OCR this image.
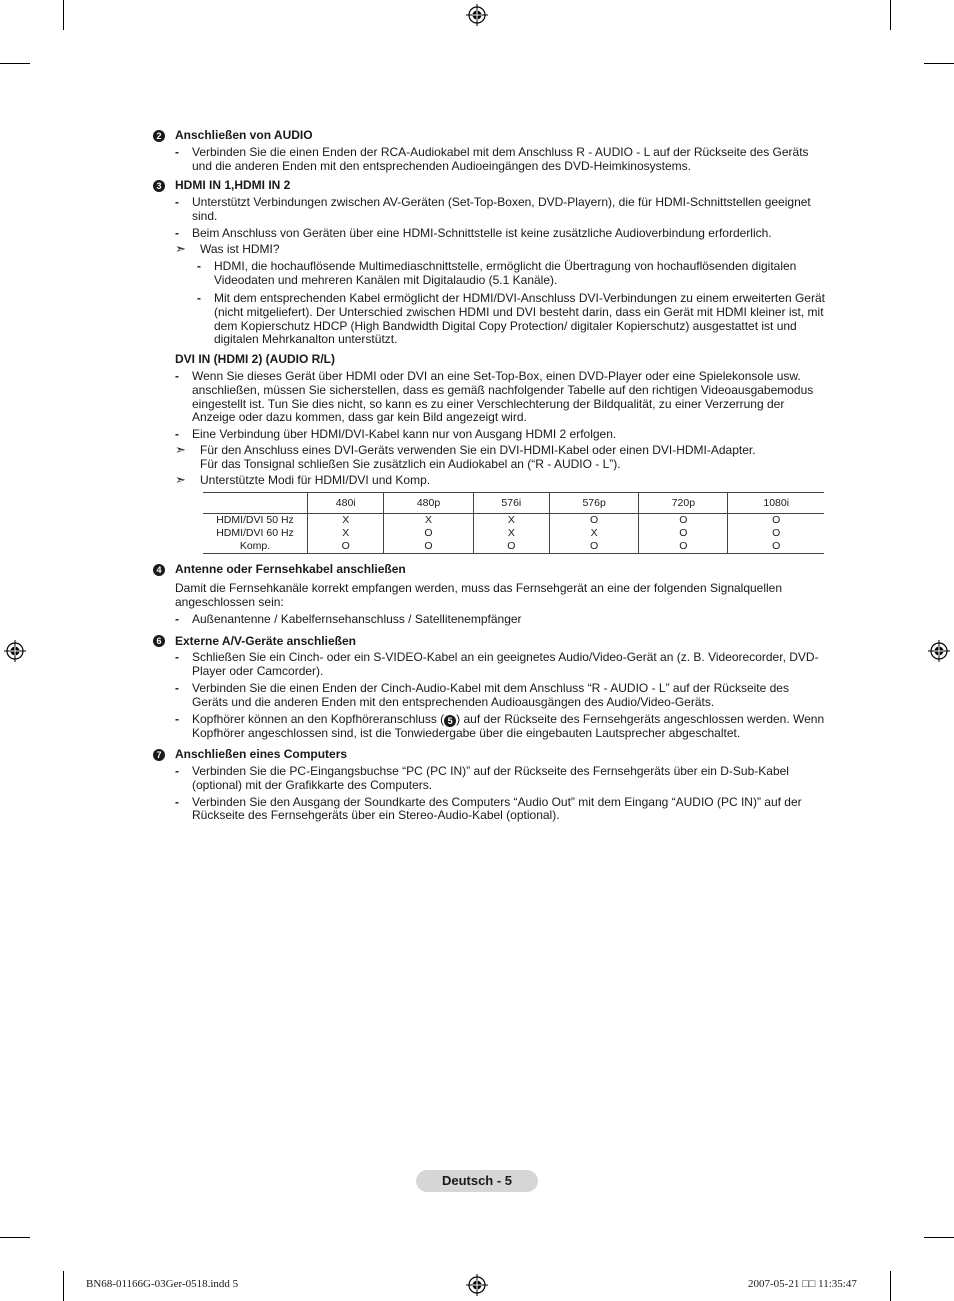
2 Anschließen von AUDIO
-	Verbinden Sie die einen Enden der RCA-Audiokabel mit dem Anschluss R - AUDIO - L auf der Rückseite des Geräts und die anderen Enden mit den entsprechenden Audioeingängen des DVD-Heimkinosystems.
3 HDMI IN 1,HDMI IN 2
-	Unterstützt Verbindungen zwischen AV-Geräten (Set-Top-Boxen, DVD-Playern), die für HDMI-Schnittstellen geeignet sind.
-	Beim Anschluss von Geräten über eine HDMI-Schnittstelle ist keine zusätzliche Audioverbindung erforderlich.
➣	Was ist HDMI?
-	HDMI, die hochauflösende Multimediaschnittstelle, ermöglicht die Übertragung von hochauflösenden digitalen Videodaten und mehreren Kanälen mit Digitalaudio (5.1 Kanäle).
-	Mit dem entsprechenden Kabel ermöglicht der HDMI/DVI-Anschluss DVI-Verbindungen zu einem erweiterten Gerät (nicht mitgeliefert). Der Unterschied zwischen HDMI und DVI besteht darin, dass ein Gerät mit HDMI kleiner ist, mit dem Kopierschutz HDCP (High Bandwidth Digital Copy Protection/ digitaler Kopierschutz) ausgestattet ist und digitalen Mehrkanalton unterstützt.
DVI IN (HDMI 2) (AUDIO R/L)
-	Wenn Sie dieses Gerät über HDMI oder DVI an eine Set-Top-Box, einen DVD-Player oder eine Spielekonsole usw. anschließen, müssen Sie sicherstellen, dass es gemäß nachfolgender Tabelle auf den richtigen Videoausgabemodus eingestellt ist. Tun Sie dies nicht, so kann es zu einer Verschlechterung der Bildqualität, zu einer Verzerrung der Anzeige oder dazu kommen, dass gar kein Bild angezeigt wird.
-	Eine Verbindung über HDMI/DVI-Kabel kann nur von Ausgang HDMI 2 erfolgen.
➣	Für den Anschluss eines DVI-Geräts verwenden Sie ein DVI-HDMI-Kabel oder einen DVI-HDMI-Adapter.
Für das Tonsignal schließen Sie zusätzlich ein Audiokabel an (“R - AUDIO - L”).
➣	Unterstützte Modi für HDMI/DVI und Komp.
	480i	480p	576i	576p	720p	1080i
HDMI/DVI 50 Hz	X	X	X	O	O	O
HDMI/DVI 60 Hz	X	O	X	X	O	O
Komp.	O	O	O	O	O	O
4 Antenne oder Fernsehkabel anschließen
Damit die Fernsehkanäle korrekt empfangen werden, muss das Fernsehgerät an eine der folgenden Signalquellen angeschlossen sein:
-	Außenantenne / Kabelfernsehanschluss / Satellitenempfänger
6 Externe A/V-Geräte anschließen
-	Schließen Sie ein Cinch- oder ein S-VIDEO-Kabel an ein geeignetes Audio/Video-Gerät an (z. B. Videorecorder, DVD-Player oder Camcorder).
-	Verbinden Sie die einen Enden der Cinch-Audio-Kabel mit dem Anschluss “R - AUDIO - L” auf der Rückseite des Geräts und die anderen Enden mit den entsprechenden Audioausgängen des Audio/Video-Geräts.
-	Kopfhörer können an den Kopfhöreranschluss ( 5 ) auf der Rückseite des Fernsehgeräts angeschlossen werden. Wenn Kopfhörer angeschlossen sind, ist die Tonwiedergabe über die eingebauten Lautsprecher abgeschaltet.
7 Anschließen eines Computers
-	Verbinden Sie die PC-Eingangsbuchse “PC (PC IN)” auf der Rückseite des Fernsehgeräts über ein D-Sub-Kabel (optional) mit der Grafikkarte des Computers.
-	Verbinden Sie den Ausgang der Soundkarte des Computers “Audio Out” mit dem Eingang “AUDIO (PC IN)” auf der Rückseite des Fernsehgeräts über ein Stereo-Audio-Kabel (optional).
Deutsch - 5
BN68-01166G-03Ger-0518.indd 5	2007-05-21 □□ 11:35:47
